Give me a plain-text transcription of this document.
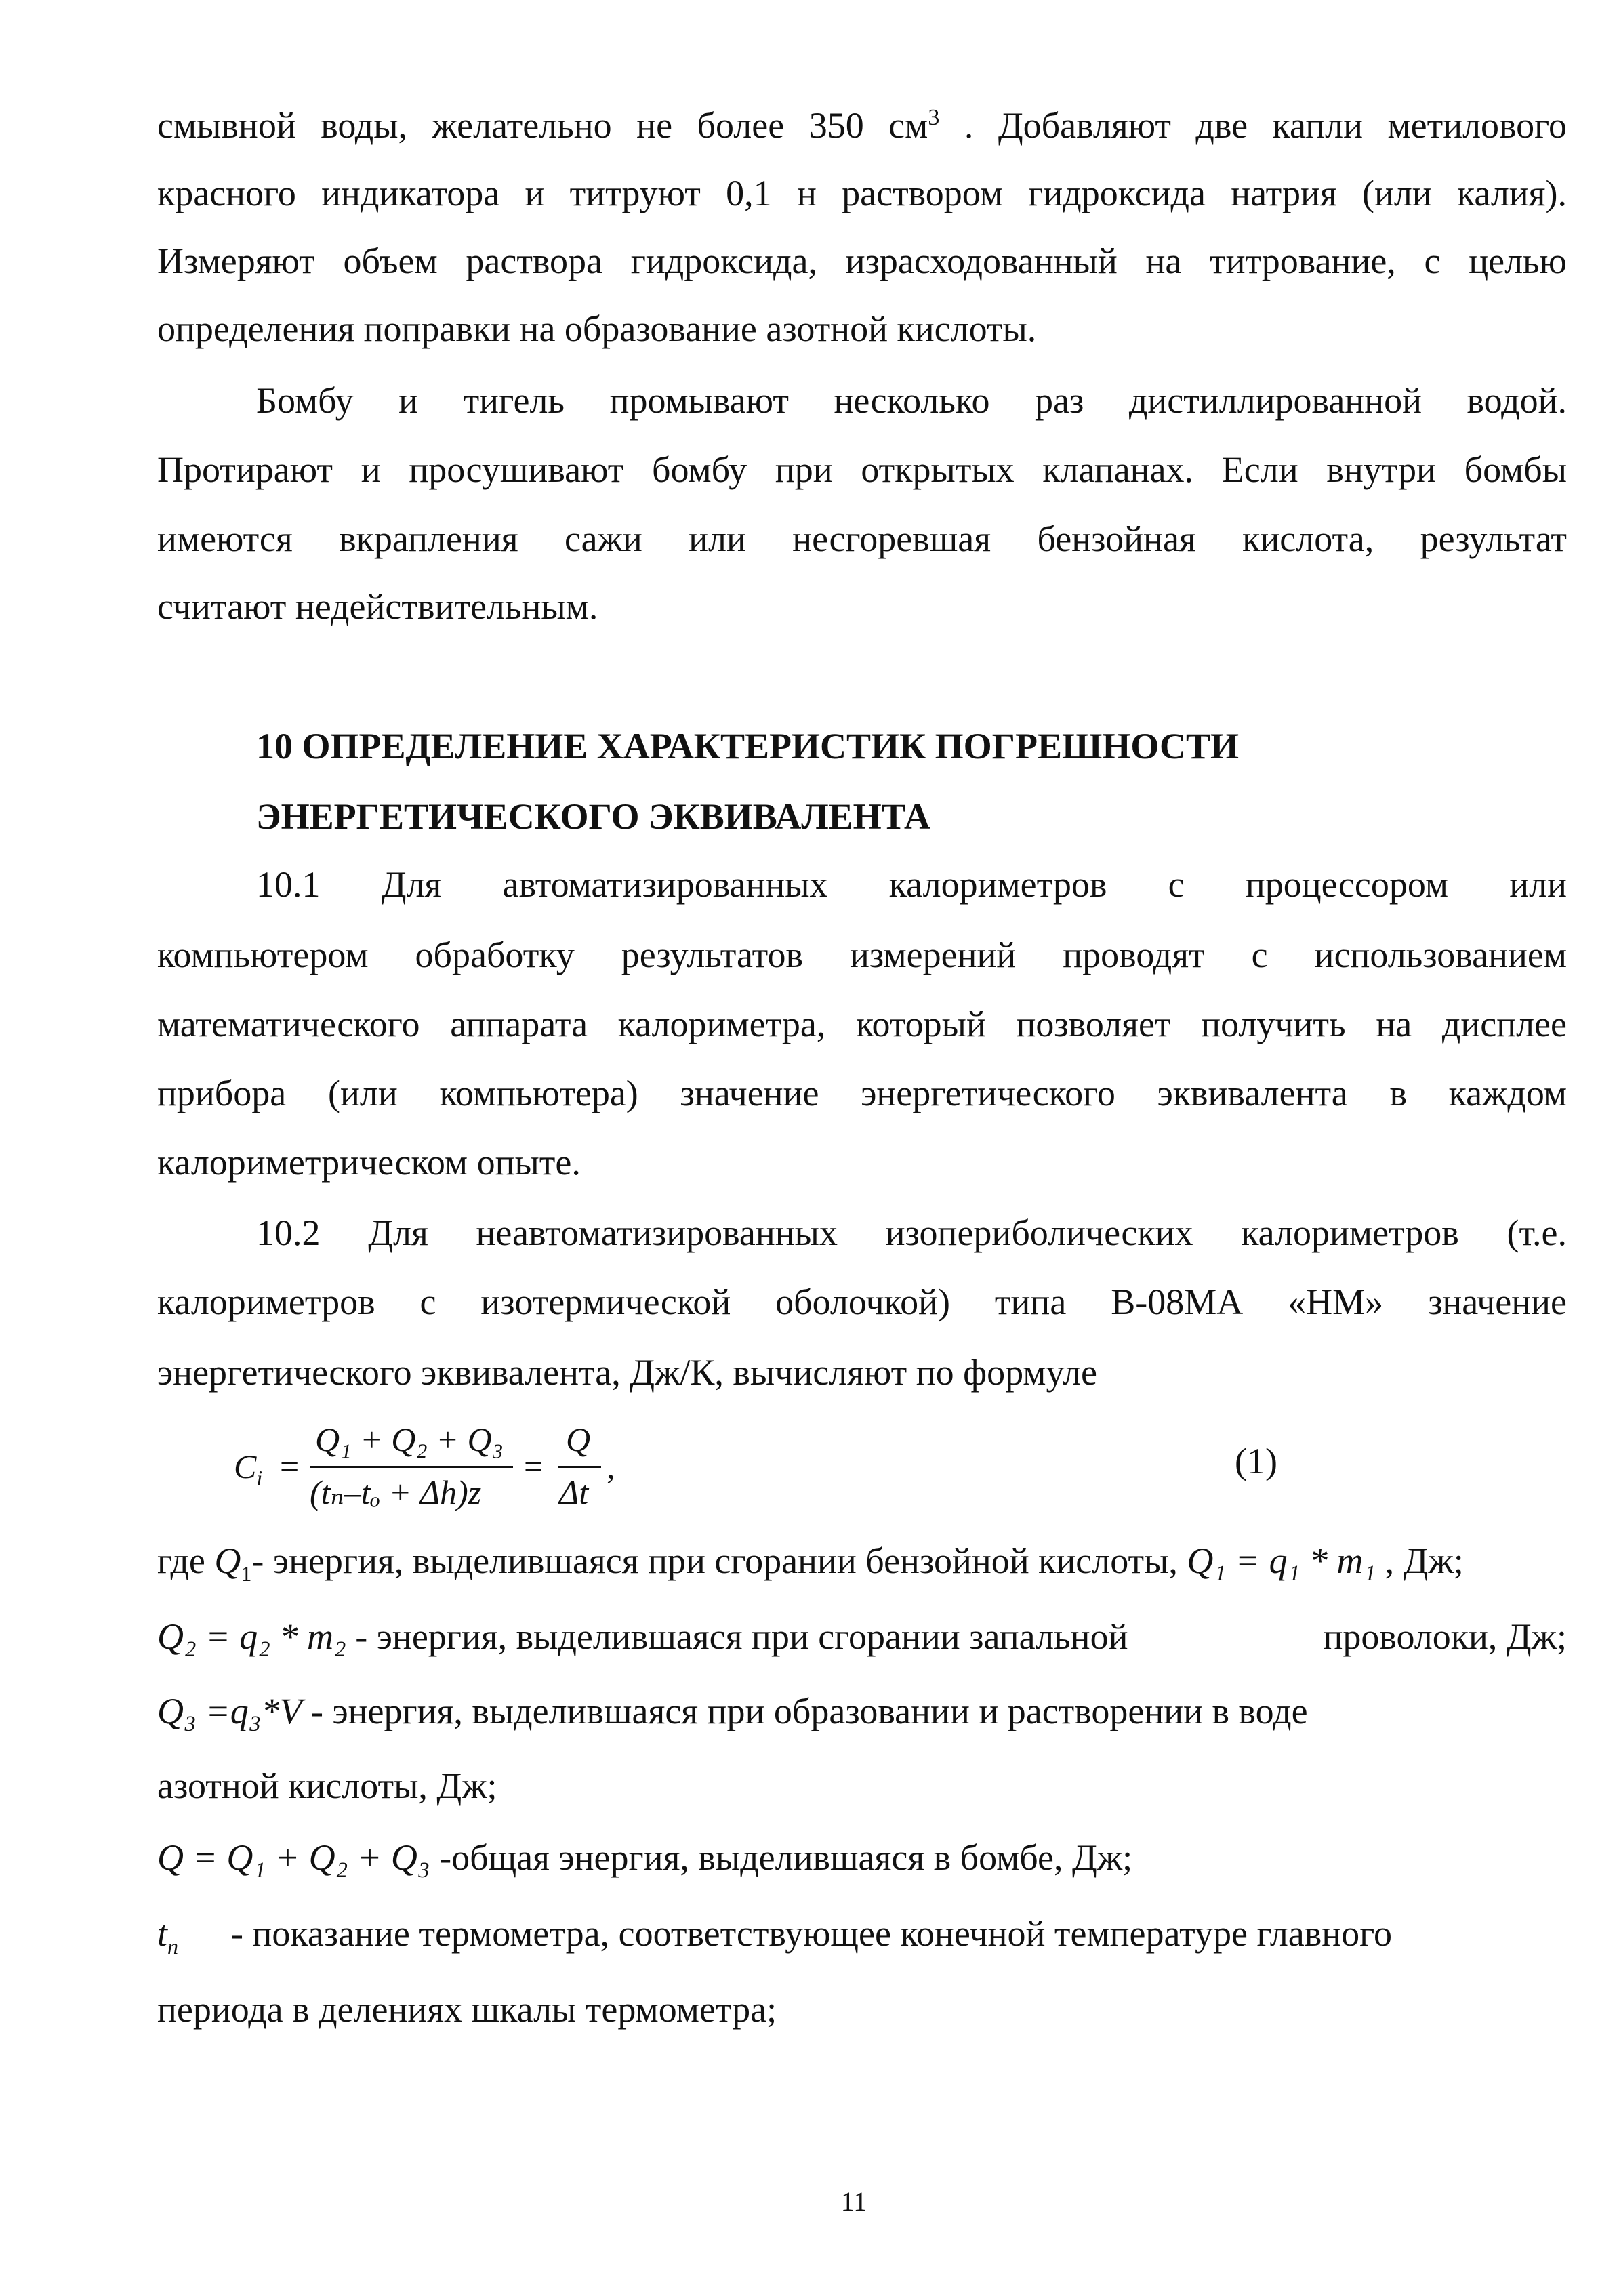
смывной воды, желательно не более 350 $см^3$ . Добавляют две капли метилового
красного индикатора и титруют 0,1 н раствором гидроксида натрия (или калия).
Измеряют объем раствора гидроксида, израсходованный на титрование, с целью
определения поправки на образование азотной кислоты.
Бомбу и тигель промывают несколько раз дистиллированной водой.
Протирают и просушивают бомбу при открытых клапанах. Если внутри бомбы
имеются вкрапления сажи или несгоревшая бензойная кислота, результат
считают недействительным.
10 ОПРЕДЕЛЕНИЕ ХАРАКТЕРИСТИК ПОГРЕШНОСТИ
ЭНЕРГЕТИЧЕСКОГО ЭКВИВАЛЕНТА
10.1 Для автоматизированных калориметров с процессором или
компьютером обработку результатов измерений проводят с использованием
математического аппарата калориметра, который позволяет получить на дисплее
прибора (или компьютера) значение энергетического эквивалента в каждом
калориметрическом опыте.
10.2 Для неавтоматизированных изопериболических калориметров (т.е.
калориметров с изотермической оболочкой) типа В-08МА «НМ» значение
энергетического эквивалента, Дж/К, вычисляют по формуле
$C_i$ =
Q₁ + Q₂ + Q₃
(tₙ–tₒ + Δh)z
=
Q
Δt
,	(1)
где $Q_1-$ энергия, выделившаяся при сгорании бензойной кислоты, Q₁ = q₁ * m₁ , Дж;
Q₂ = q₂ * m₂ - энергия, выделившаяся при сгорании запальной	проволоки, Дж;
Q₃ =q₃*V - энергия, выделившаяся при образовании и растворении в воде
азотной кислоты, Дж;
Q = Q₁ + Q₂ + Q₃ -общая энергия, выделившаяся в бомбе, Дж;
$t_n$ - показание термометра, соответствующее конечной температуре главного
периода в делениях шкалы термометра;
11
